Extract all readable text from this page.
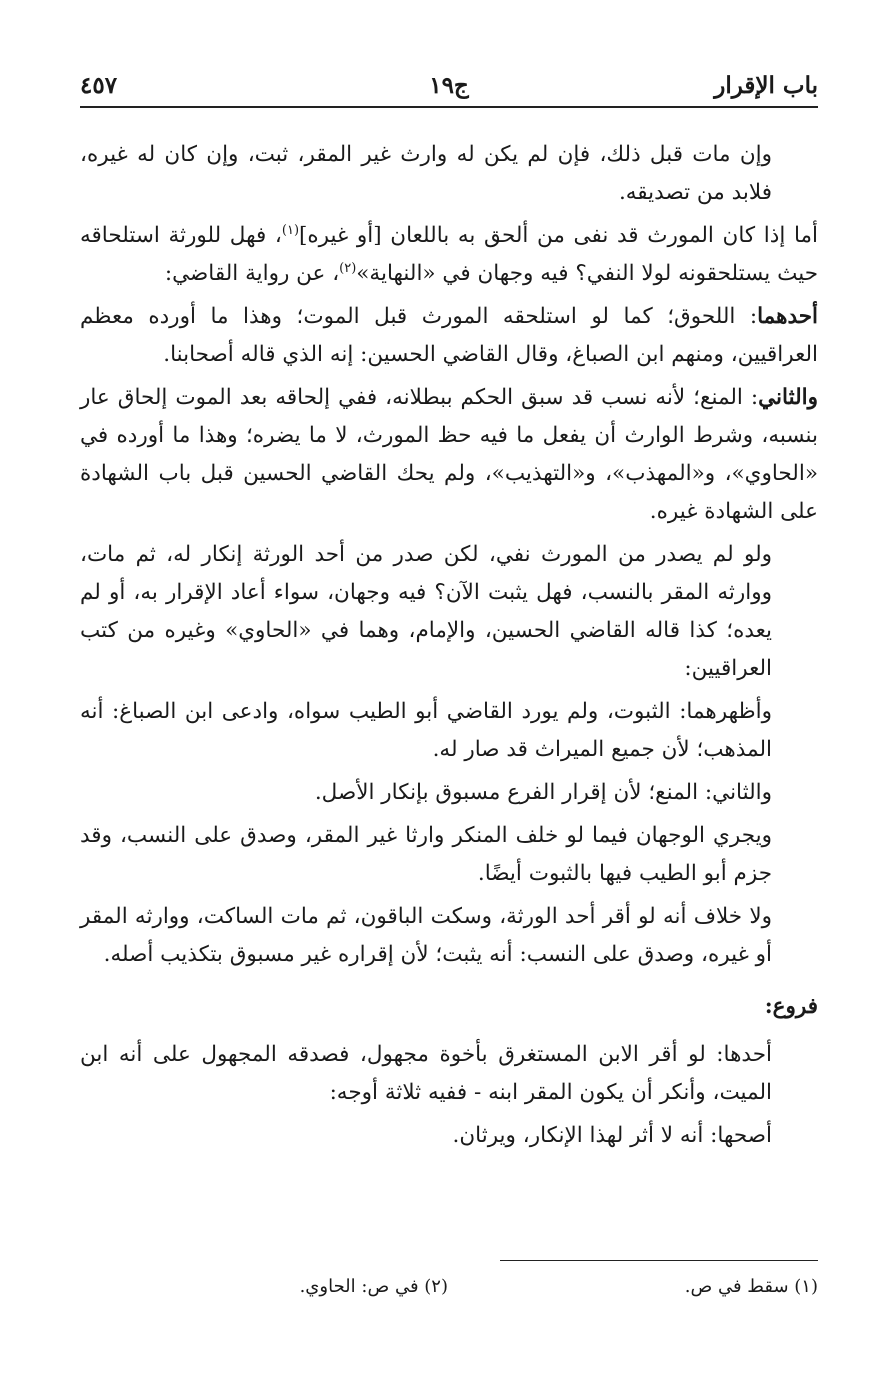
باب الإقرار
ج١٩
٤٥٧

وإن مات قبل ذلك، فإن لم يكن له وارث غير المقر، ثبت، وإن كان له غيره، فلابد من تصديقه.

أما إذا كان المورث قد نفى من ألحق به باللعان [أو غيره]$^{(١)}$، فهل للورثة استلحاقه حيث يستلحقونه لولا النفي؟ فيه وجهان في «النهاية»$^{(٢)}$، عن رواية القاضي:

أحدهما: اللحوق؛ كما لو استلحقه المورث قبل الموت؛ وهذا ما أورده معظم العراقيين، ومنهم ابن الصباغ، وقال القاضي الحسين: إنه الذي قاله أصحابنا.

والثاني: المنع؛ لأنه نسب قد سبق الحكم ببطلانه، ففي إلحاقه بعد الموت إلحاق عار بنسبه، وشرط الوارث أن يفعل ما فيه حظ المورث، لا ما يضره؛ وهذا ما أورده في «الحاوي»، و«المهذب»، و«التهذيب»، ولم يحك القاضي الحسين قبل باب الشهادة على الشهادة غيره.

ولو لم يصدر من المورث نفي، لكن صدر من أحد الورثة إنكار له، ثم مات، ووارثه المقر بالنسب، فهل يثبت الآن؟ فيه وجهان، سواء أعاد الإقرار به، أو لم يعده؛ كذا قاله القاضي الحسين، والإمام، وهما في «الحاوي» وغيره من كتب العراقيين:

وأظهرهما: الثبوت، ولم يورد القاضي أبو الطيب سواه، وادعى ابن الصباغ: أنه المذهب؛ لأن جميع الميراث قد صار له.

والثاني: المنع؛ لأن إقرار الفرع مسبوق بإنكار الأصل.

ويجري الوجهان فيما لو خلف المنكر وارثا غير المقر، وصدق على النسب، وقد جزم أبو الطيب فيها بالثبوت أيضًا.

ولا خلاف أنه لو أقر أحد الورثة، وسكت الباقون، ثم مات الساكت، ووارثه المقر أو غيره، وصدق على النسب: أنه يثبت؛ لأن إقراره غير مسبوق بتكذيب أصله.

فروع:

أحدها: لو أقر الابن المستغرق بأخوة مجهول، فصدقه المجهول على أنه ابن الميت، وأنكر أن يكون المقر ابنه - ففيه ثلاثة أوجه:

أصحها: أنه لا أثر لهذا الإنكار، ويرثان.

(١) سقط في ص.
(٢) في ص: الحاوي.
